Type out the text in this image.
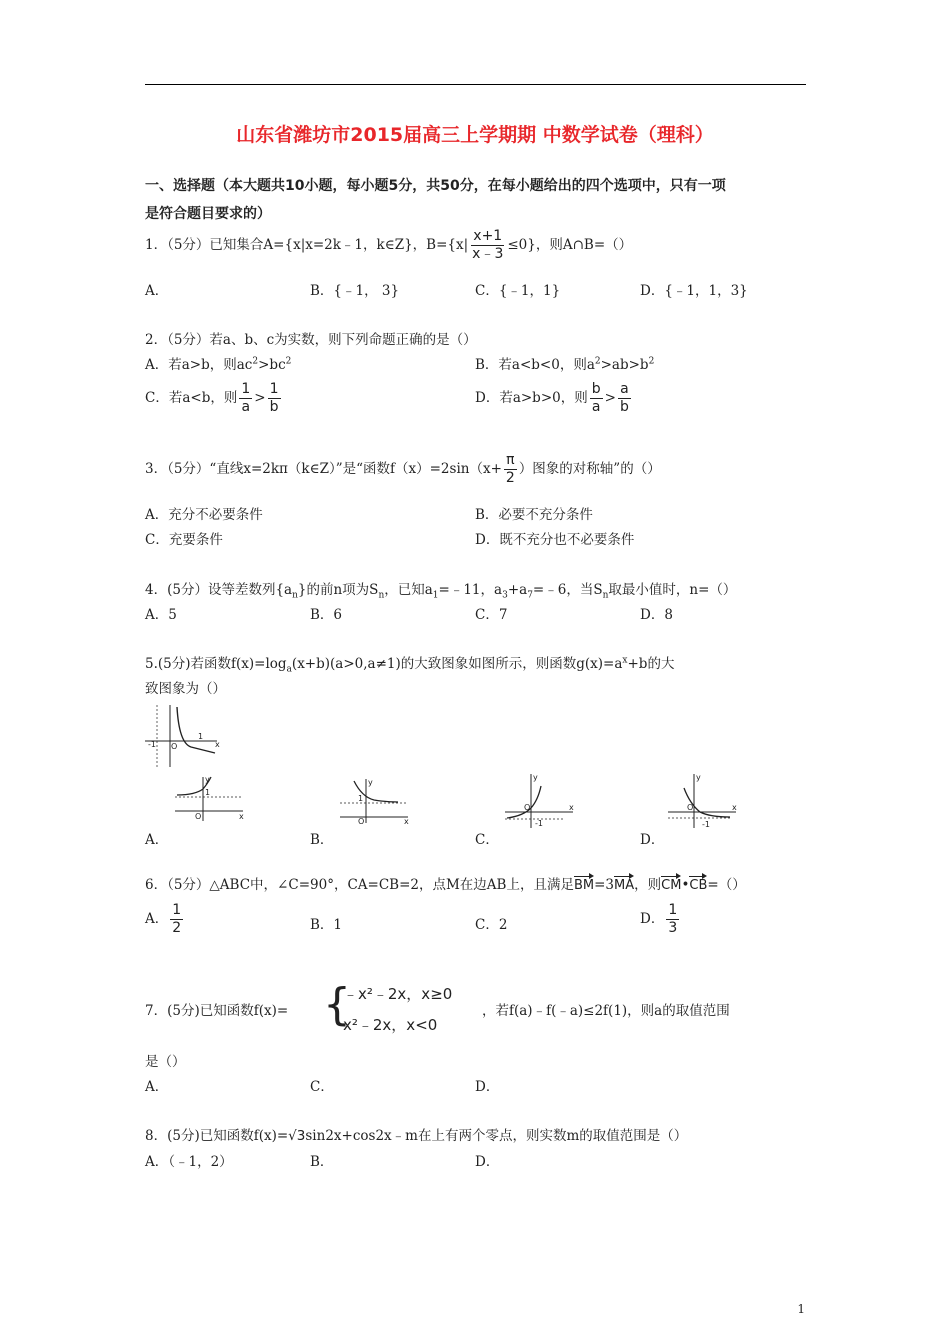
山东省潍坊市2015届高三上学期期 中数学试卷（理科）
一、选择题（本大题共10小题，每小题5分，共50分，在每小题给出的四个选项中，只有一项
是符合题目要求的）
1．（5分）已知集合A={x|x=2k﹣1，k∈Z}，$B=\{x| \frac{x+1}{x﹣3} \le 0\}$，则A∩B=（）
A．	B．{﹣1， 3}	C．{﹣1，1}	D．{﹣1，1，3}
2．（5分）若a、b、c为实数，则下列命题正确的是（）
A．若a>b，则$ac^2>bc^2$	B．若a<b<0，则$a^2>ab>b^2$
C．若a<b，则 $\frac{1}{a} > \frac{1}{b}$	D．若a>b>0，则 $\frac{b}{a} > \frac{a}{b}$
3．（5分）“直线x=2kπ（k∈Z）”是“函数$f(x)=2\sin(x+ \frac{\pi}{2}$ ）图象的对称轴”的（）
A．充分不必要条件	B．必要不充分条件
C．充要条件	D．既不充分也不必要条件
4．(5分）设等差数列$\{a_n\}$的前n项为$S_n$，已知$a_1=﹣11$，$a_3+a_7=﹣6$，当$S_n$取最小值时，n=（）
A．5	B．6	C．7	D．8
5.(5分)若函数$f(x)=\log_a(x+b)(a>0,a\ne 1)$的大致图象如图所示，则函数$g(x)=a^x+b$的大
致图象为（）
-1 O
1
x
y
1
O	x
y
1
O	x
y
-1
O	x
y
-1
O	x
A．	B．	C．	D．
6．（5分）△ABC中，∠C=90°，CA=CB=2，点M在边AB上，且满足BM=3MA，则CM•CB=（）
A． $\frac{1}{2}$	B．1	C．2	D． $\frac{1}{3}$
7．(5分)已知函数f(x)= {
﹣x²﹣2x，x≥0
x²﹣2x，x<0
，若f(a)﹣f(﹣a)≤2f(1)，则a的取值范围
是（）
A．	C．	D．
8．(5分)已知函数f(x)=√3sin2x+cos2x﹣m在上有两个零点，则实数m的取值范围是（）
A．（﹣1，2）	B．	D．
1
